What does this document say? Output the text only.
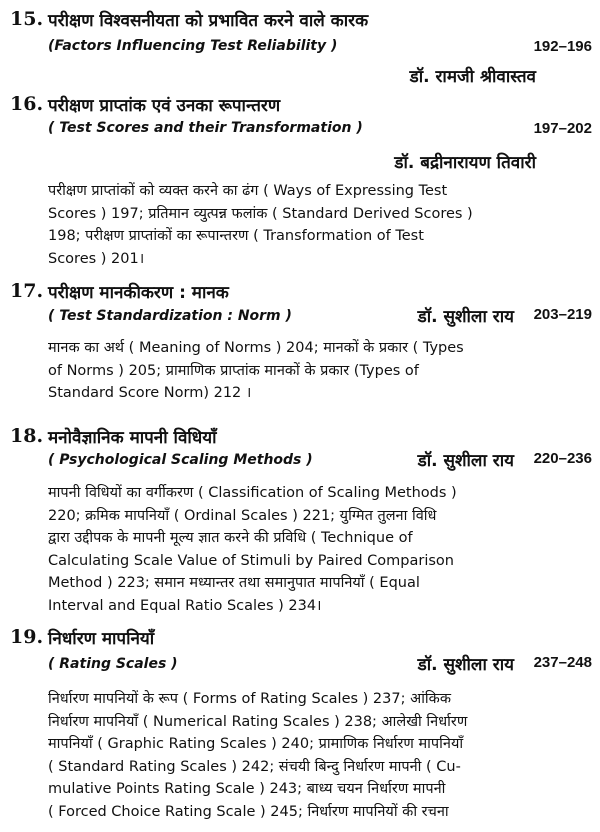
15. परीक्षण विश्वसनीयता को प्रभावित करने वाले कारक
(Factors Influencing Test Reliability )	192–196
डॉ. रामजी श्रीवास्तव
16. परीक्षण प्राप्तांक एवं उनका रूपान्तरण
( Test Scores and their Transformation )	197–202
डॉ. बद्रीनारायण तिवारी
परीक्षण प्राप्तांकों को व्यक्त करने का ढंग ( Ways of Expressing Test
Scores ) 197; प्रतिमान व्युत्पन्न फलांक ( Standard Derived Scores )
198; परीक्षण प्राप्तांकों का रूपान्तरण ( Transformation of Test
Scores ) 201।
17. परीक्षण मानकीकरण : मानक
( Test Standardization : Norm )	डॉ. सुशीला राय 203–219
मानक का अर्थ ( Meaning of Norms ) 204; मानकों के प्रकार ( Types
of Norms ) 205; प्रामाणिक प्राप्तांक मानकों के प्रकार (Types of
Standard Score Norm) 212 ।
18. मनोवैज्ञानिक मापनी विधियाँ
( Psychological Scaling Methods )	डॉ. सुशीला राय 220–236
मापनी विधियों का वर्गीकरण ( Classification of Scaling Methods )
220; क्रमिक मापनियाँ ( Ordinal Scales ) 221; युग्मित तुलना विधि
द्वारा उद्दीपक के मापनी मूल्य ज्ञात करने की प्रविधि ( Technique of
Calculating Scale Value of Stimuli by Paired Comparison
Method ) 223; समान मध्यान्तर तथा समानुपात मापनियाँ ( Equal
Interval and Equal Ratio Scales ) 234।
19. निर्धारण मापनियाँ
( Rating Scales )	डॉ. सुशीला राय 237–248
निर्धारण मापनियों के रूप ( Forms of Rating Scales ) 237; आंकिक
निर्धारण मापनियाँ ( Numerical Rating Scales ) 238; आलेखी निर्धारण
मापनियाँ ( Graphic Rating Scales ) 240; प्रामाणिक निर्धारण मापनियाँ
( Standard Rating Scales ) 242; संचयी बिन्दु निर्धारण मापनी ( Cu-
mulative Points Rating Scale ) 243; बाध्य चयन निर्धारण मापनी
( Forced Choice Rating Scale ) 245; निर्धारण मापनियों की रचना
